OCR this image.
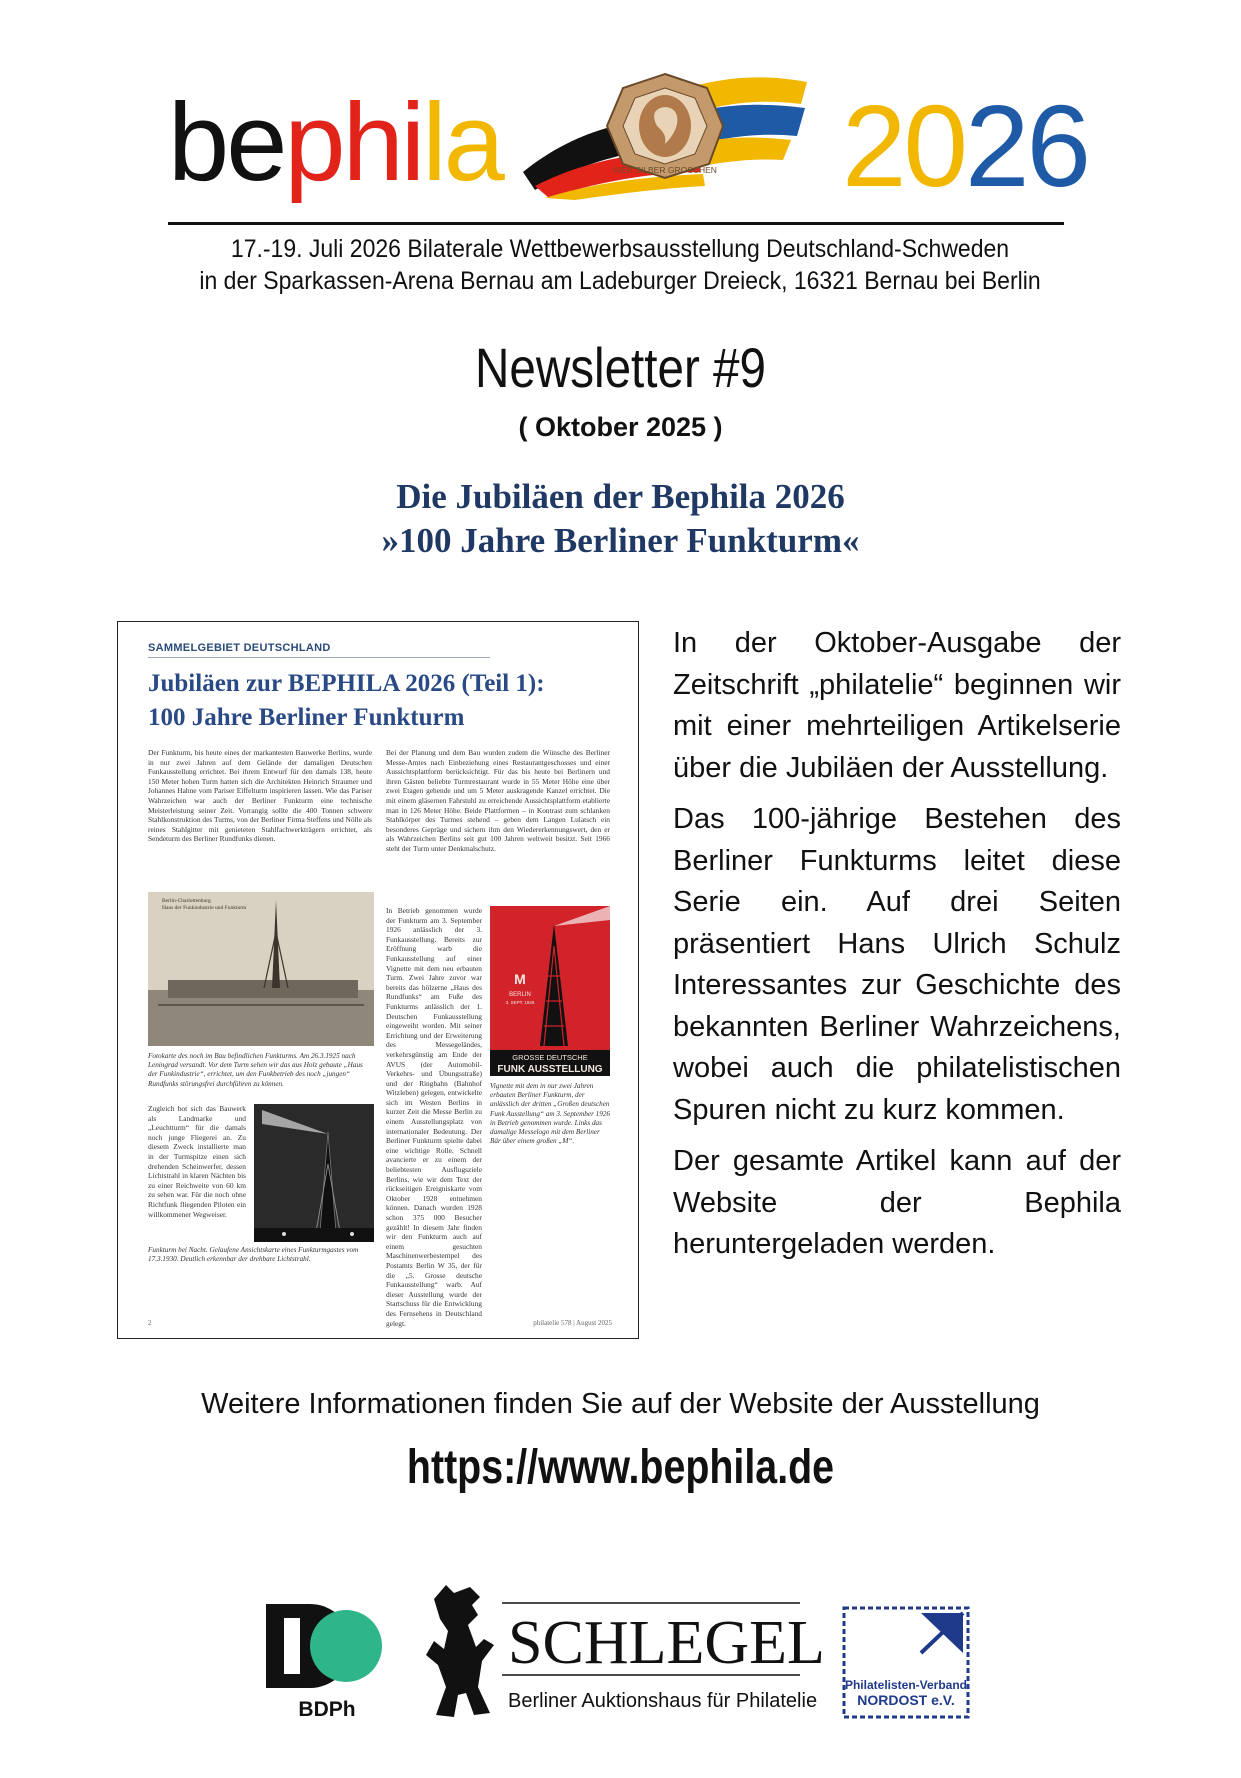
bephila	VIER SILBER GROSCHEN 2026
17.-19. Juli 2026 Bilaterale Wettbewerbsausstellung Deutschland-Schweden
in der Sparkassen-Arena Bernau am Ladeburger Dreieck, 16321 Bernau bei Berlin
Newsletter #9
( Oktober 2025 )
Die Jubiläen der Bephila 2026
»100 Jahre Berliner Funkturm«
SAMMELGEBIET DEUTSCHLAND
Jubiläen zur BEPHILA 2026 (Teil 1):
100 Jahre Berliner Funkturm
Der Funkturm, bis heute eines der markantesten Bauwerke Berlins, wurde in nur zwei Jahren auf dem Gelände der damaligen Deutschen Funkausstellung errichtet. Bei ihrem Entwurf für den damals 138, heute 150 Meter hohen Turm hatten sich die Architekten Heinrich Straumer und Johannes Hahne vom Pariser Eiffelturm inspirieren lassen. Wie das Pariser Wahrzeichen war auch der Berliner Funkturm eine technische Meisterleistung seiner Zeit. Vorrangig sollte die 400 Tonnen schwere Stahlkonstruktion des Turms, von der Berliner Firma Steffens und Nölle als reines Stahlgitter mit genieteten Stahlfachwerkträgern errichtet, als Sendeturm des Berliner Rundfunks dienen.
Bei der Planung und dem Bau wurden zudem die Wünsche des Berliner Messe-Amtes nach Einbeziehung eines Restaurantgeschosses und einer Aussichtsplattform berücksichtigt. Für das bis heute bei Berlinern und ihren Gästen beliebte Turmrestaurant wurde in 55 Meter Höhe eine über zwei Etagen gehende und um 5 Meter auskragende Kanzel errichtet. Die mit einem gläsernen Fahrstuhl zu erreichende Aussichtsplattform etablierte man in 126 Meter Höhe. Beide Plattformen – in Kontrast zum schlanken Stahlkörper des Turmes stehend – geben dem Langen Lulatsch ein besonderes Gepräge und sichern ihm den Wiedererkennungswert, den er als Wahrzeichen Berlins seit gut 100 Jahren weltweit besitzt. Seit 1966 steht der Turm unter Denkmalschutz.
Berlin-Charlottenburg
Haus der Funkindustrie und Funkturm
Fotokarte des noch im Bau befindlichen Funkturms. Am 26.3.1925 nach Leningrad versandt. Vor dem Turm sehen wir das aus Holz gebaute „Haus der Funkindustrie“, errichtet, um den Funkbetrieb des noch „jungen“ Rundfunks störungsfrei durchführen zu können.
Zugleich bot sich das Bauwerk als Landmarke und „Leuchtturm“ für die damals noch junge Fliegerei an. Zu diesem Zweck installierte man in der Turmspitze einen sich drehenden Scheinwerfer, dessen Lichtstrahl in klaren Nächten bis zu einer Reichweite von 60 km zu sehen war. Für die noch ohne Richtfunk fliegenden Piloten ein willkommener Wegweiser.
Funkturm bei Nacht. Gelaufene Ansichtskarte eines Funkturmgastes vom 17.3.1930. Deutlich erkennbar der drehbare Lichtstrahl.
In Betrieb genommen wurde der Funkturm am 3. September 1926 anlässlich der 3. Funkausstellung. Bereits zur Eröffnung warb die Funkausstellung auf einer Vignette mit dem neu erbauten Turm. Zwei Jahre zuvor war bereits das hölzerne „Haus des Rundfunks“ am Fuße des Funkturms anlässlich der 1. Deutschen Funkausstellung eingeweiht worden. Mit seiner Errichtung und der Erweiterung des Messegeländes, verkehrsgünstig am Ende der AVUS (der Automobil-Verkehrs- und Übungsstraße) und der Ringbahn (Bahnhof Witzleben) gelegen, entwickelte sich im Westen Berlins in kurzer Zeit die Messe Berlin zu einem Ausstellungsplatz von internationaler Bedeutung. Der Berliner Funkturm spielte dabei eine wichtige Rolle. Schnell avancierte er zu einem der beliebtesten Ausflugsziele Berlins, wie wir dem Text der rückseitigen Ereigniskarte vom Oktober 1928 entnehmen können. Danach wurden 1928 schon 375 000 Besucher gezählt! In diesem Jahr finden wir den Funkturm auch auf einem gesuchten Maschinenwerbestempel des Postamts Berlin W 35, der für die „5. Grosse deutsche Funkausstellung“ warb. Auf dieser Ausstellung wurde der Startschuss für die Entwicklung des Fernsehens in Deutschland gelegt.
M
BERLIN
3. SEPT. 1926
GROSSE DEUTSCHE
FUNK AUSSTELLUNG
Vignette mit dem in nur zwei Jahren erbauten Berliner Funkturm, der anlässlich der dritten „Großen deutschen Funk Ausstellung“ am 3. September 1926 in Betrieb genommen wurde. Links das damalige Messelogo mit dem Berliner Bär über einem großen „M“.
2	philatelie 578 | August 2025

In der Oktober-Ausgabe der Zeitschrift „philatelie“ beginnen wir mit einer mehrteiligen Artikelserie über die Jubiläen der Ausstellung.

Das 100-jährige Bestehen des Berliner Funkturms leitet diese Serie ein. Auf drei Seiten präsentiert Hans Ulrich Schulz Interessantes zur Geschichte des bekannten Berliner Wahrzeichens, wobei auch die philatelistischen Spuren nicht zu kurz kommen.

Der gesamte Artikel kann auf der Website der Bephila heruntergeladen werden.

Weitere Informationen finden Sie auf der Website der Ausstellung
https://www.bephila.de
BDPh
SCHLEGEL
Berliner Auktionshaus für Philatelie
Philatelisten-Verband
NORDOST e.V.
